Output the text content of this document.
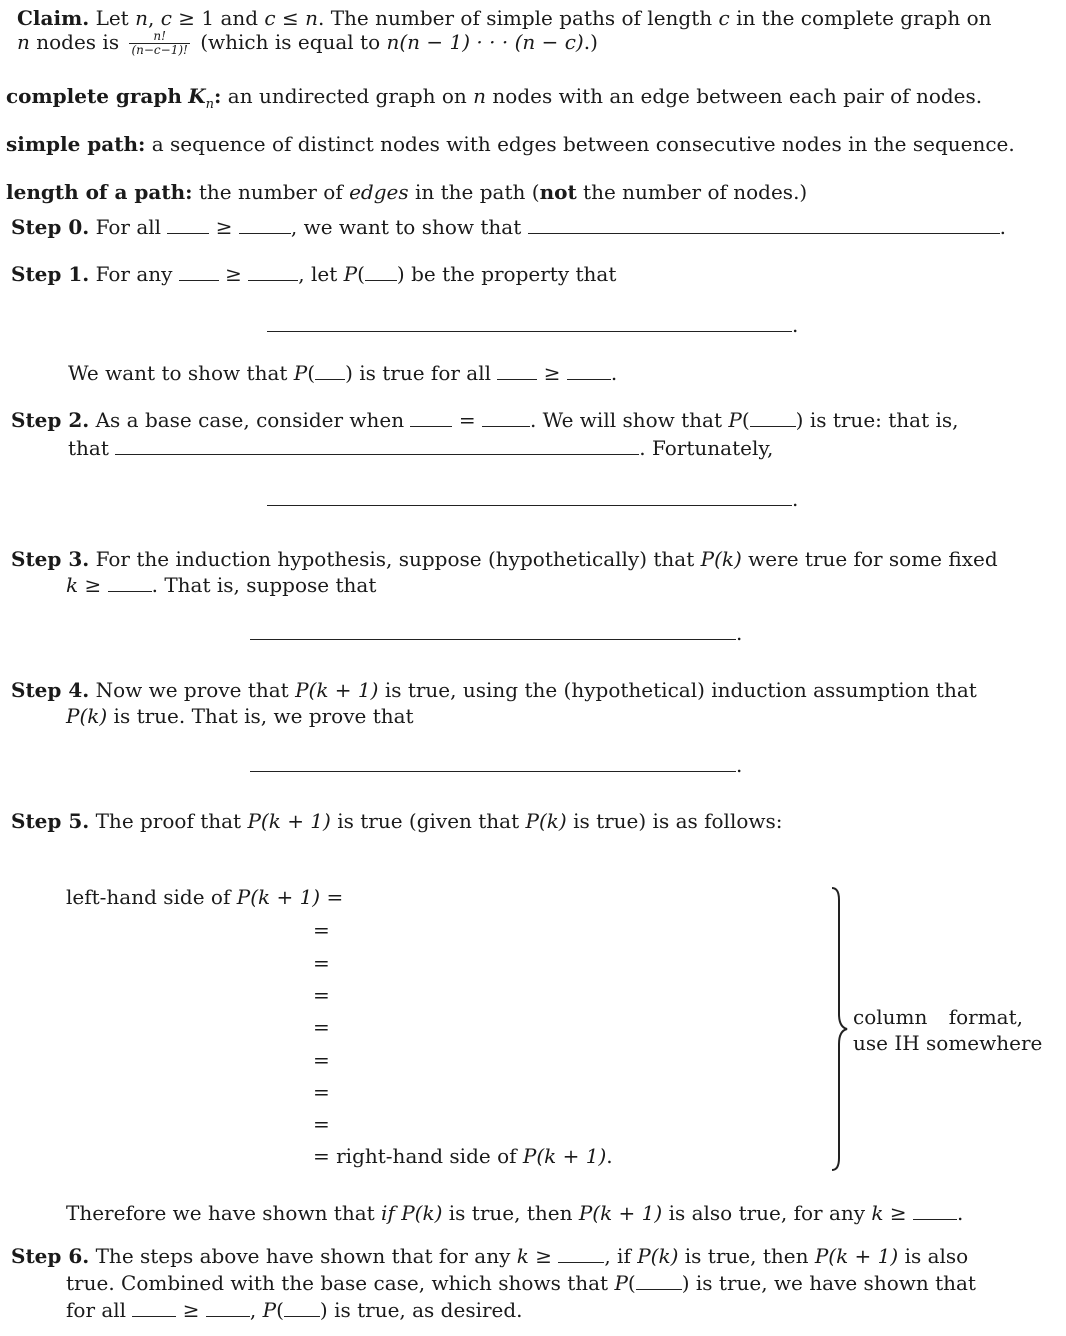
Claim. Let n, c ≥ 1 and c ≤ n. The number of simple paths of length c in the complete graph on
n nodes is $\frac{n!}{(n-c-1)!}$ (which is equal to n(n − 1) · · · (n − c).)
complete graph $K_n$: an undirected graph on n nodes with an edge between each pair of nodes.
simple path: a sequence of distinct nodes with edges between consecutive nodes in the sequence.
length of a path: the number of edges in the path (not the number of nodes.)
Step 0. For all	≥	, we want to show that	.
Step 1. For any	≥	, let P( ) be the property that
.
We want to show that P( ) is true for all	≥	.
Step 2. As a base case, consider when	=	. We will show that P( ) is true: that is,
that	. Fortunately,
.
Step 3. For the induction hypothesis, suppose (hypothetically) that P(k) were true for some fixed
k ≥	. That is, suppose that
.
Step 4. Now we prove that P(k + 1) is true, using the (hypothetical) induction assumption that
P(k) is true. That is, we prove that
.
Step 5. The proof that P(k + 1) is true (given that P(k) is true) is as follows:
left-hand side of P(k + 1) =
=
=
=
=
=
=
=
= right-hand side of P(k + 1).
column format,
use IH somewhere
Therefore we have shown that if P(k) is true, then P(k + 1) is also true, for any k ≥	.
Step 6. The steps above have shown that for any k ≥	, if P(k) is true, then P(k + 1) is also
true. Combined with the base case, which shows that P( ) is true, we have shown that
for all	≥	, P( ) is true, as desired.
